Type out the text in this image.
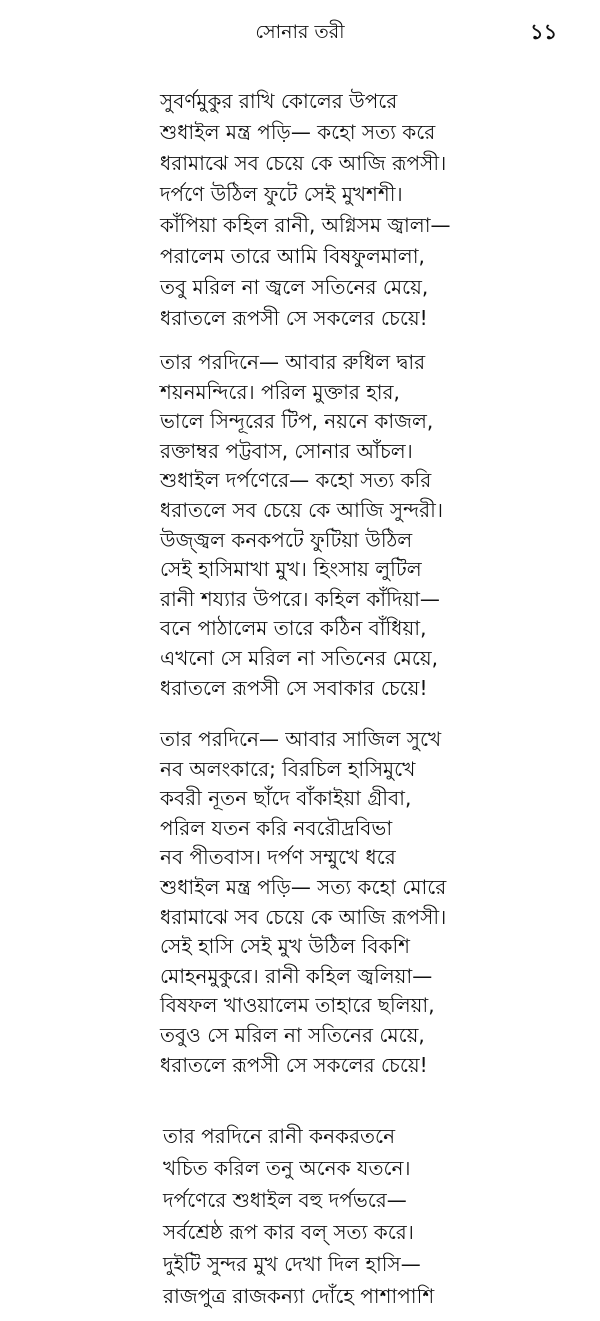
সোনার তরী	১১
সুবর্ণমুকুর রাখি কোলের উপরে
শুধাইল মন্ত্র পড়ি— কহো সত্য করে
ধরামাঝে সব চেয়ে কে আজি রূপসী।
দর্পণে উঠিল ফুটে সেই মুখশশী।
কাঁপিয়া কহিল রানী, অগ্নিসম জ্বালা—
পরালেম তারে আমি বিষফুলমালা,
তবু মরিল না জ্বলে সতিনের মেয়ে,
ধরাতলে রূপসী সে সকলের চেয়ে!
তার পরদিনে— আবার রুধিল দ্বার
শয়নমন্দিরে। পরিল মুক্তার হার,
ভালে সিন্দূরের টিপ, নয়নে কাজল,
রক্তাম্বর পট্টবাস, সোনার আঁচল।
শুধাইল দর্পণেরে— কহো সত্য করি
ধরাতলে সব চেয়ে কে আজি সুন্দরী।
উজ্জ্বল কনকপটে ফুটিয়া উঠিল
সেই হাসিমাখা মুখ। হিংসায় লুটিল
রানী শয্যার উপরে। কহিল কাঁদিয়া—
বনে পাঠালেম তারে কঠিন বাঁধিয়া,
এখনো সে মরিল না সতিনের মেয়ে,
ধরাতলে রূপসী সে সবাকার চেয়ে!
তার পরদিনে— আবার সাজিল সুখে
নব অলংকারে; বিরচিল হাসিমুখে
কবরী নূতন ছাঁদে বাঁকাইয়া গ্রীবা,
পরিল যতন করি নবরৌদ্রবিভা
নব পীতবাস। দর্পণ সম্মুখে ধরে
শুধাইল মন্ত্র পড়ি— সত্য কহো মোরে
ধরামাঝে সব চেয়ে কে আজি রূপসী।
সেই হাসি সেই মুখ উঠিল বিকশি
মোহনমুকুরে। রানী কহিল জ্বলিয়া—
বিষফল খাওয়ালেম তাহারে ছলিয়া,
তবুও সে মরিল না সতিনের মেয়ে,
ধরাতলে রূপসী সে সকলের চেয়ে!
তার পরদিনে রানী কনকরতনে
খচিত করিল তনু অনেক যতনে।
দর্পণেরে শুধাইল বহু দর্পভরে—
সর্বশ্রেষ্ঠ রূপ কার বল্ সত্য করে।
দুইটি সুন্দর মুখ দেখা দিল হাসি—
রাজপুত্র রাজকন্যা দোঁহে পাশাপাশি
